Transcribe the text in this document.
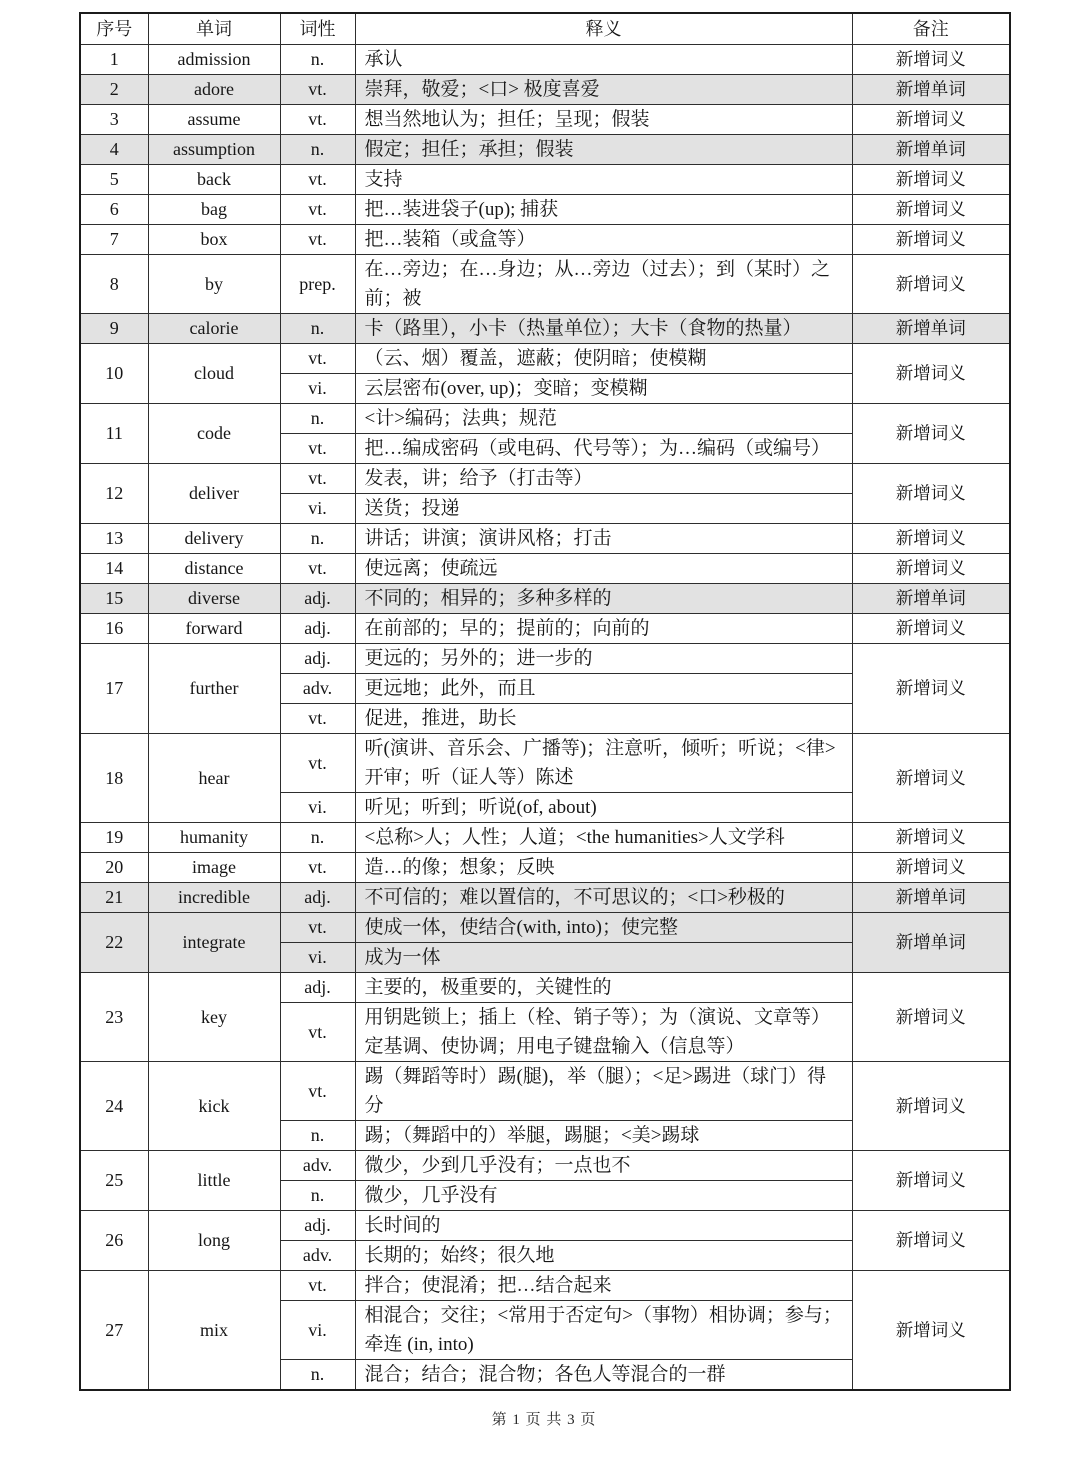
序号	单词	词性	释义	备注
1	admission	n.	承认	新增词义
2	adore	vt.	崇拜，敬爱；<口> 极度喜爱	新增单词
3	assume	vt.	想当然地认为；担任；呈现；假装	新增词义
4	assumption	n.	假定；担任；承担；假装	新增单词
5	back	vt.	支持	新增词义
6	bag	vt.	把…装进袋子(up); 捕获	新增词义
7	box	vt.	把…装箱（或盒等）	新增词义
8	by	prep.	在…旁边；在…身边；从…旁边（过去）；到（某时）之前；被	新增词义
9	calorie	n.	卡（路里），小卡（热量单位）；大卡（食物的热量）	新增单词
10	cloud	vt.	（云、烟）覆盖，遮蔽；使阴暗；使模糊	新增词义
		vi.	云层密布(over, up)；变暗；变模糊	
11	code	n.	<计>编码；法典；规范	新增词义
		vt.	把…编成密码（或电码、代号等）；为…编码（或编号）	
12	deliver	vt.	发表，讲；给予（打击等）	新增词义
		vi.	送货；投递	
13	delivery	n.	讲话；讲演；演讲风格；打击	新增词义
14	distance	vt.	使远离；使疏远	新增词义
15	diverse	adj.	不同的；相异的；多种多样的	新增单词
16	forward	adj.	在前部的；早的；提前的；向前的	新增词义
17	further	adj.	更远的；另外的；进一步的	新增词义
		adv.	更远地；此外，而且	
		vt.	促进，推进，助长	
18	hear	vt.	听(演讲、音乐会、广播等)；注意听，倾听；听说；<律>开审；听（证人等）陈述	新增词义
		vi.	听见；听到；听说(of, about)	
19	humanity	n.	<总称>人；人性；人道；<the humanities>人文学科	新增词义
20	image	vt.	造…的像；想象；反映	新增词义
21	incredible	adj.	不可信的；难以置信的，不可思议的；<口>秒极的	新增单词
22	integrate	vt.	使成一体，使结合(with, into)；使完整	新增单词
		vi.	成为一体	
23	key	adj.	主要的，极重要的，关键性的	新增词义
		vt.	用钥匙锁上；插上（栓、销子等）；为（演说、文章等）定基调、使协调；用电子键盘输入（信息等）	
24	kick	vt.	踢（舞蹈等时）踢(腿)，举（腿）；<足>踢进（球门）得分	新增词义
		n.	踢；（舞蹈中的）举腿，踢腿；<美>踢球	
25	little	adv.	微少，少到几乎没有；一点也不	新增词义
		n.	微少，几乎没有	
26	long	adj.	长时间的	新增词义
		adv.	长期的；始终；很久地	
27	mix	vt.	拌合；使混淆；把…结合起来	新增词义
		vi.	相混合；交往；<常用于否定句>（事物）相协调；参与；牵连 (in, into)	
		n.	混合；结合；混合物；各色人等混合的一群	
第 1 页 共 3 页
